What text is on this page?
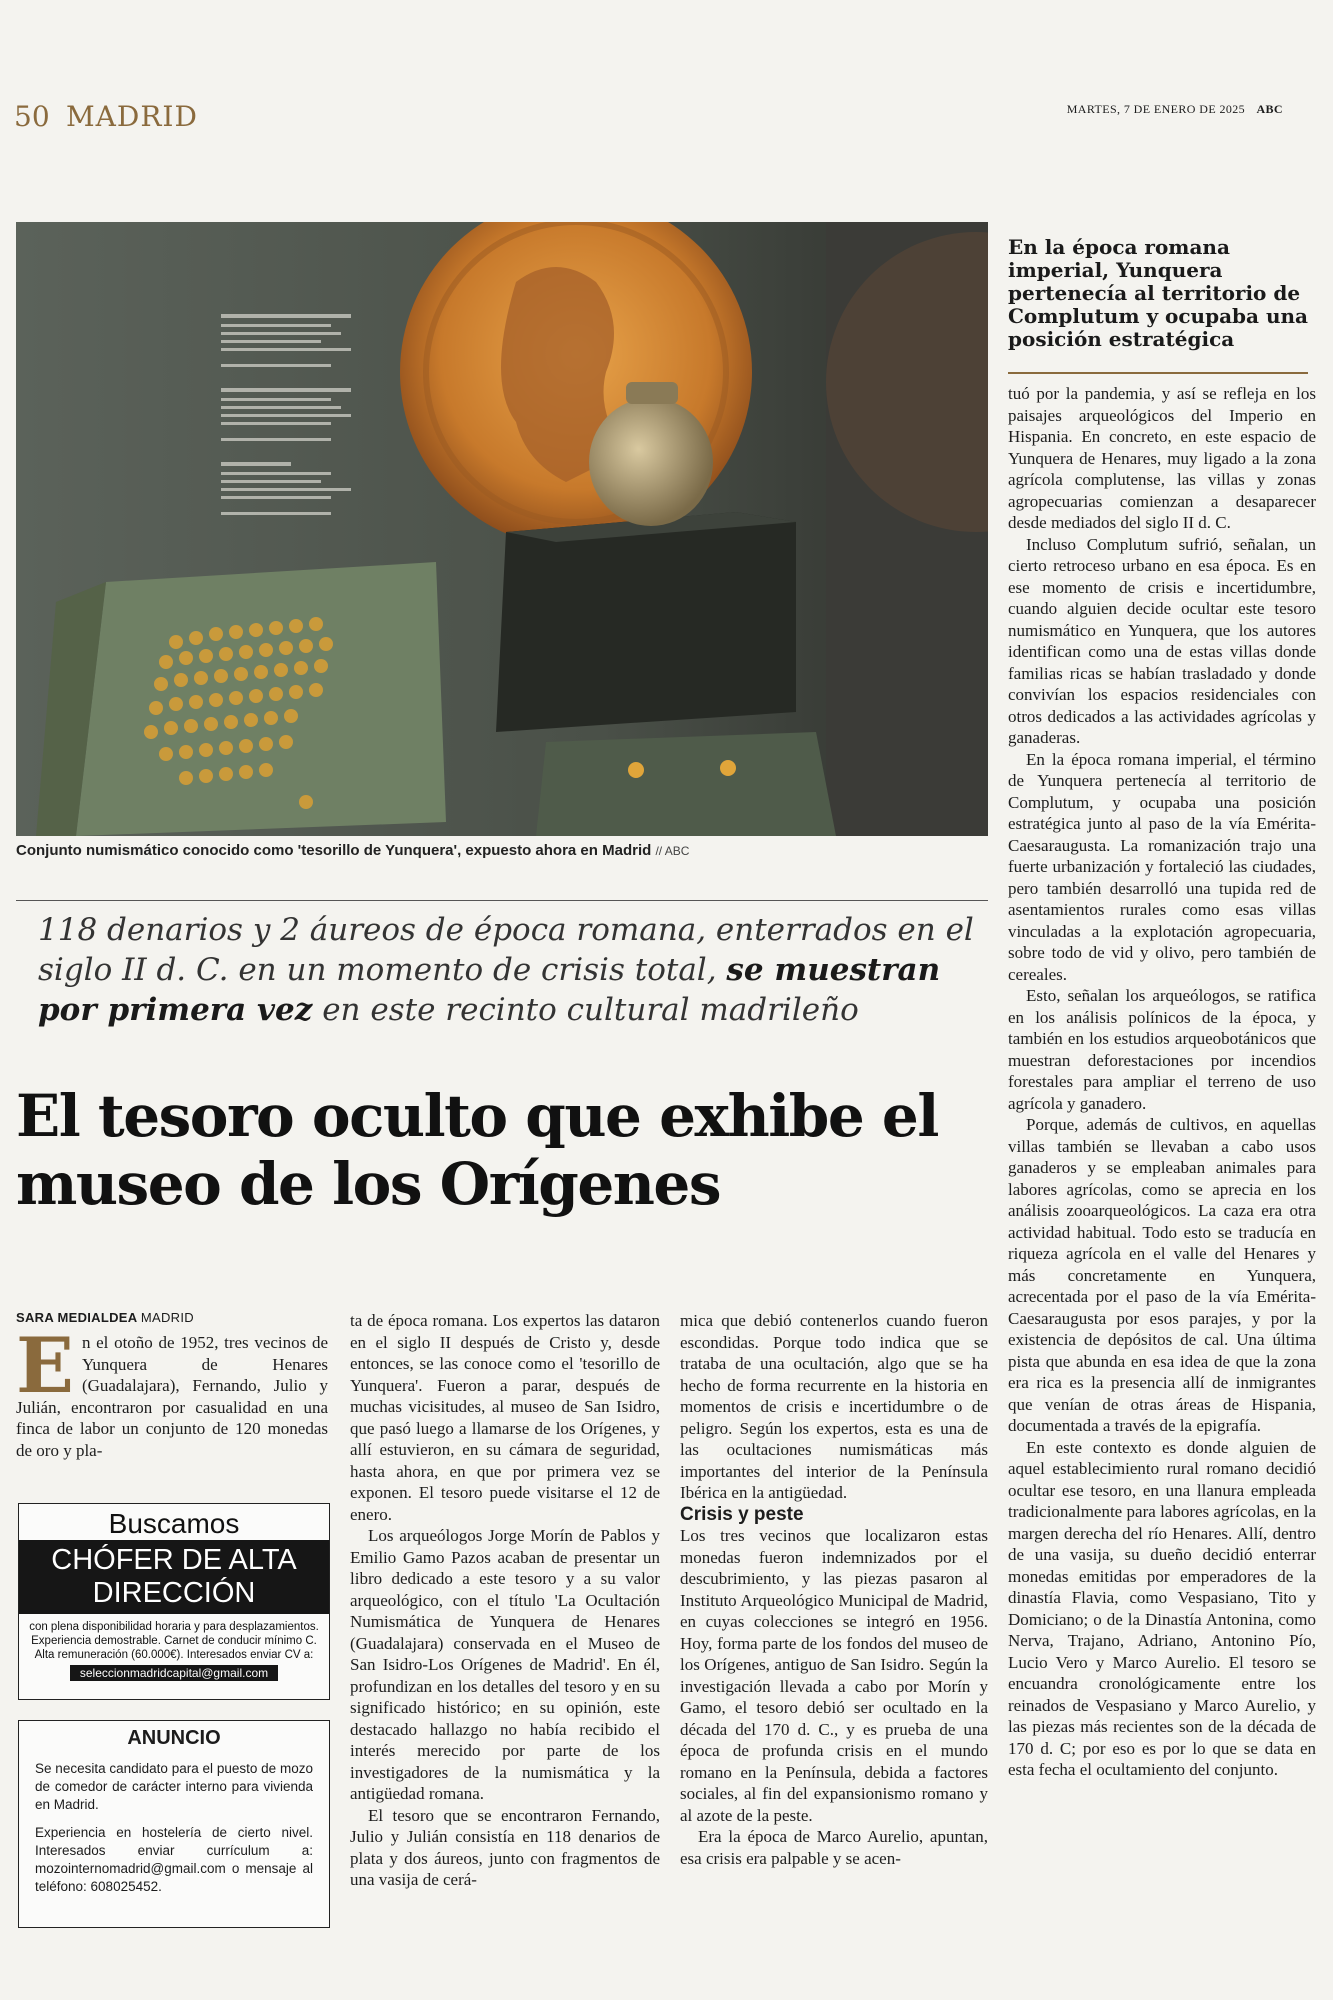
50 MADRID	MARTES, 7 DE ENERO DE 2025 ABC
Conjunto numismático conocido como 'tesorillo de Yunquera', expuesto ahora en Madrid // ABC
118 denarios y 2 áureos de época romana, enterrados en el siglo II d. C. en un momento de crisis total, se muestran por primera vez en este recinto cultural madrileño
El tesoro oculto que exhibe el museo de los Orígenes
SARA MEDIALDEA MADRID

En el otoño de 1952, tres vecinos de Yunquera de Henares (Guadalajara), Fernando, Julio y Julián, encontraron por casualidad en una finca de labor un conjunto de 120 monedas de oro y pla-

Buscamos
CHÓFER DE ALTA DIRECCIÓN
con plena disponibilidad horaria y para desplazamientos. Experiencia demostrable. Carnet de conducir mínimo C. Alta remuneración (60.000€). Interesados enviar CV a:
seleccionmadridcapital@gmail.com
ANUNCIO

Se necesita candidato para el puesto de mozo de comedor de carácter interno para vivienda en Madrid.

Experiencia en hostelería de cierto nivel. Interesados enviar currículum a: mozointernomadrid@gmail.com o mensaje al teléfono: 608025452.

ta de época romana. Los expertos las dataron en el siglo II después de Cristo y, desde entonces, se las conoce como el 'tesorillo de Yunquera'. Fueron a parar, después de muchas vicisitudes, al museo de San Isidro, que pasó luego a llamarse de los Orígenes, y allí estuvieron, en su cámara de seguridad, hasta ahora, en que por primera vez se exponen. El tesoro puede visitarse el 12 de enero.

Los arqueólogos Jorge Morín de Pablos y Emilio Gamo Pazos acaban de presentar un libro dedicado a este tesoro y a su valor arqueológico, con el título 'La Ocultación Numismática de Yunquera de Henares (Guadalajara) conservada en el Museo de San Isidro-Los Orígenes de Madrid'. En él, profundizan en los detalles del tesoro y en su significado histórico; en su opinión, este destacado hallazgo no había recibido el interés merecido por parte de los investigadores de la numismática y la antigüedad romana.

El tesoro que se encontraron Fernando, Julio y Julián consistía en 118 denarios de plata y dos áureos, junto con fragmentos de una vasija de cerá-

mica que debió contenerlos cuando fueron escondidas. Porque todo indica que se trataba de una ocultación, algo que se ha hecho de forma recurrente en la historia en momentos de crisis e incertidumbre o de peligro. Según los expertos, esta es una de las ocultaciones numismáticas más importantes del interior de la Península Ibérica en la antigüedad.

Crisis y peste

Los tres vecinos que localizaron estas monedas fueron indemnizados por el descubrimiento, y las piezas pasaron al Instituto Arqueológico Municipal de Madrid, en cuyas colecciones se integró en 1956. Hoy, forma parte de los fondos del museo de los Orígenes, antiguo de San Isidro. Según la investigación llevada a cabo por Morín y Gamo, el tesoro debió ser ocultado en la década del 170 d. C., y es prueba de una época de profunda crisis en el mundo romano en la Península, debida a factores sociales, al fin del expansionismo romano y al azote de la peste.

Era la época de Marco Aurelio, apuntan, esa crisis era palpable y se acen-

En la época romana imperial, Yunquera pertenecía al territorio de Complutum y ocupaba una posición estratégica

tuó por la pandemia, y así se refleja en los paisajes arqueológicos del Imperio en Hispania. En concreto, en este espacio de Yunquera de Henares, muy ligado a la zona agrícola complutense, las villas y zonas agropecuarias comienzan a desaparecer desde mediados del siglo II d. C.

Incluso Complutum sufrió, señalan, un cierto retroceso urbano en esa época. Es en ese momento de crisis e incertidumbre, cuando alguien decide ocultar este tesoro numismático en Yunquera, que los autores identifican como una de estas villas donde familias ricas se habían trasladado y donde convivían los espacios residenciales con otros dedicados a las actividades agrícolas y ganaderas.

En la época romana imperial, el término de Yunquera pertenecía al territorio de Complutum, y ocupaba una posición estratégica junto al paso de la vía Emérita-Caesaraugusta. La romanización trajo una fuerte urbanización y fortaleció las ciudades, pero también desarrolló una tupida red de asentamientos rurales como esas villas vinculadas a la explotación agropecuaria, sobre todo de vid y olivo, pero también de cereales.

Esto, señalan los arqueólogos, se ratifica en los análisis polínicos de la época, y también en los estudios arqueobotánicos que muestran deforestaciones por incendios forestales para ampliar el terreno de uso agrícola y ganadero.

Porque, además de cultivos, en aquellas villas también se llevaban a cabo usos ganaderos y se empleaban animales para labores agrícolas, como se aprecia en los análisis zooarqueológicos. La caza era otra actividad habitual. Todo esto se traducía en riqueza agrícola en el valle del Henares y más concretamente en Yunquera, acrecentada por el paso de la vía Emérita-Caesaraugusta por esos parajes, y por la existencia de depósitos de cal. Una última pista que abunda en esa idea de que la zona era rica es la presencia allí de inmigrantes que venían de otras áreas de Hispania, documentada a través de la epigrafía.

En este contexto es donde alguien de aquel establecimiento rural romano decidió ocultar ese tesoro, en una llanura empleada tradicionalmente para labores agrícolas, en la margen derecha del río Henares. Allí, dentro de una vasija, su dueño decidió enterrar monedas emitidas por emperadores de la dinastía Flavia, como Vespasiano, Tito y Domiciano; o de la Dinastía Antonina, como Nerva, Trajano, Adriano, Antonino Pío, Lucio Vero y Marco Aurelio. El tesoro se encuandra cronológicamente entre los reinados de Vespasiano y Marco Aurelio, y las piezas más recientes son de la década de 170 d. C; por eso es por lo que se data en esta fecha el ocultamiento del conjunto.
